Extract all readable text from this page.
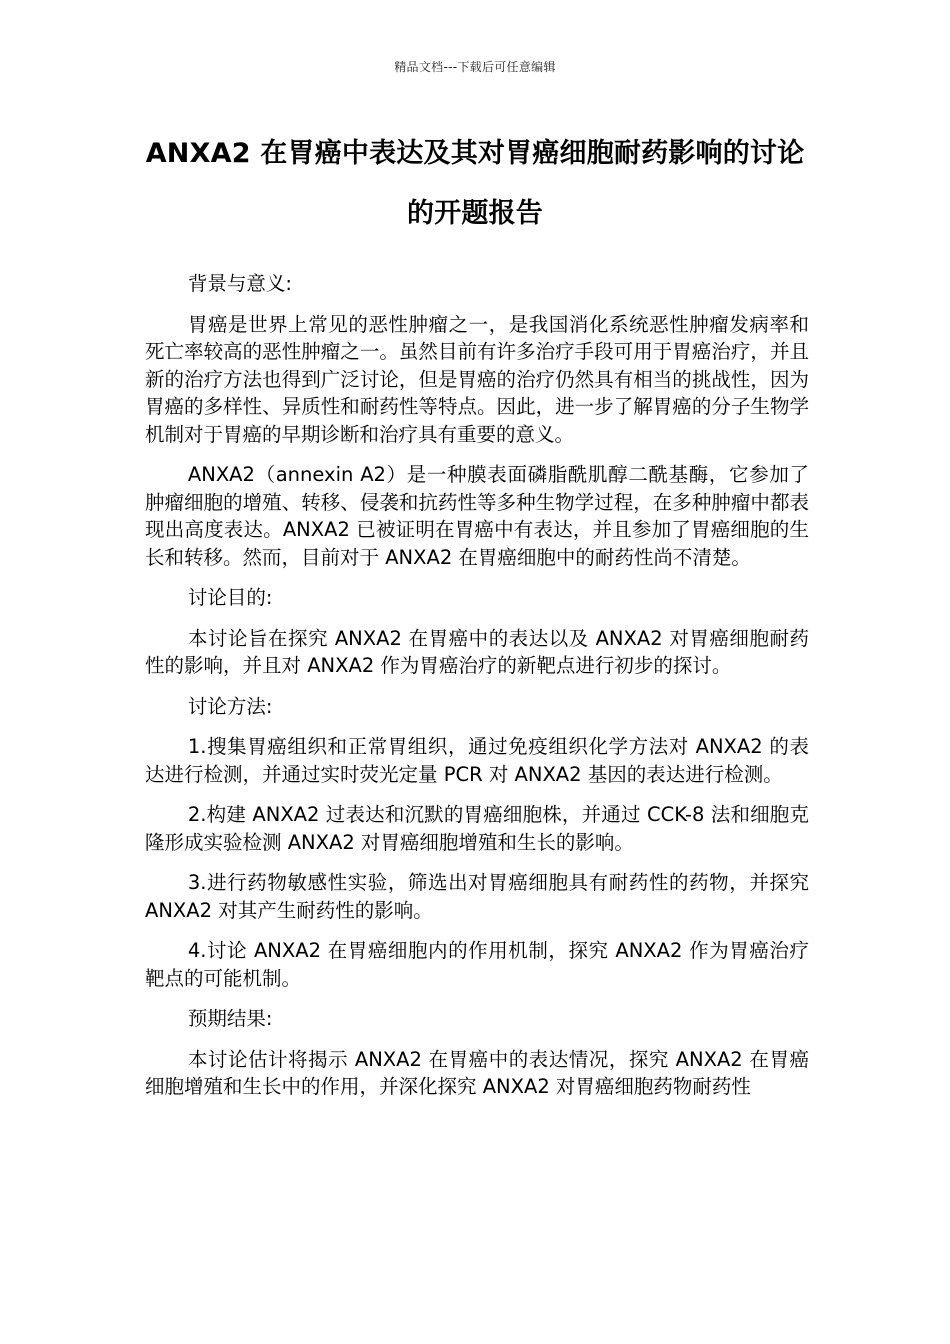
精品文档---下载后可任意编辑
ANXA2 在胃癌中表达及其对胃癌细胞耐药影响的讨论的开题报告

背景与意义:

胃癌是世界上常见的恶性肿瘤之一，是我国消化系统恶性肿瘤发病率和死亡率较高的恶性肿瘤之一。虽然目前有许多治疗手段可用于胃癌治疗，并且新的治疗方法也得到广泛讨论，但是胃癌的治疗仍然具有相当的挑战性，因为胃癌的多样性、异质性和耐药性等特点。因此，进一步了解胃癌的分子生物学机制对于胃癌的早期诊断和治疗具有重要的意义。

ANXA2（annexin A2）是一种膜表面磷脂酰肌醇二酰基酶，它参加了肿瘤细胞的增殖、转移、侵袭和抗药性等多种生物学过程，在多种肿瘤中都表现出高度表达。ANXA2 已被证明在胃癌中有表达，并且参加了胃癌细胞的生长和转移。然而，目前对于 ANXA2 在胃癌细胞中的耐药性尚不清楚。

讨论目的:

本讨论旨在探究 ANXA2 在胃癌中的表达以及 ANXA2 对胃癌细胞耐药性的影响，并且对 ANXA2 作为胃癌治疗的新靶点进行初步的探讨。

讨论方法:

1.搜集胃癌组织和正常胃组织，通过免疫组织化学方法对 ANXA2 的表达进行检测，并通过实时荧光定量 PCR 对 ANXA2 基因的表达进行检测。

2.构建 ANXA2 过表达和沉默的胃癌细胞株，并通过 CCK-8 法和细胞克隆形成实验检测 ANXA2 对胃癌细胞增殖和生长的影响。

3.进行药物敏感性实验，筛选出对胃癌细胞具有耐药性的药物，并探究 ANXA2 对其产生耐药性的影响。

4.讨论 ANXA2 在胃癌细胞内的作用机制，探究 ANXA2 作为胃癌治疗靶点的可能机制。

预期结果:

本讨论估计将揭示 ANXA2 在胃癌中的表达情况，探究 ANXA2 在胃癌细胞增殖和生长中的作用，并深化探究 ANXA2 对胃癌细胞药物耐药性
